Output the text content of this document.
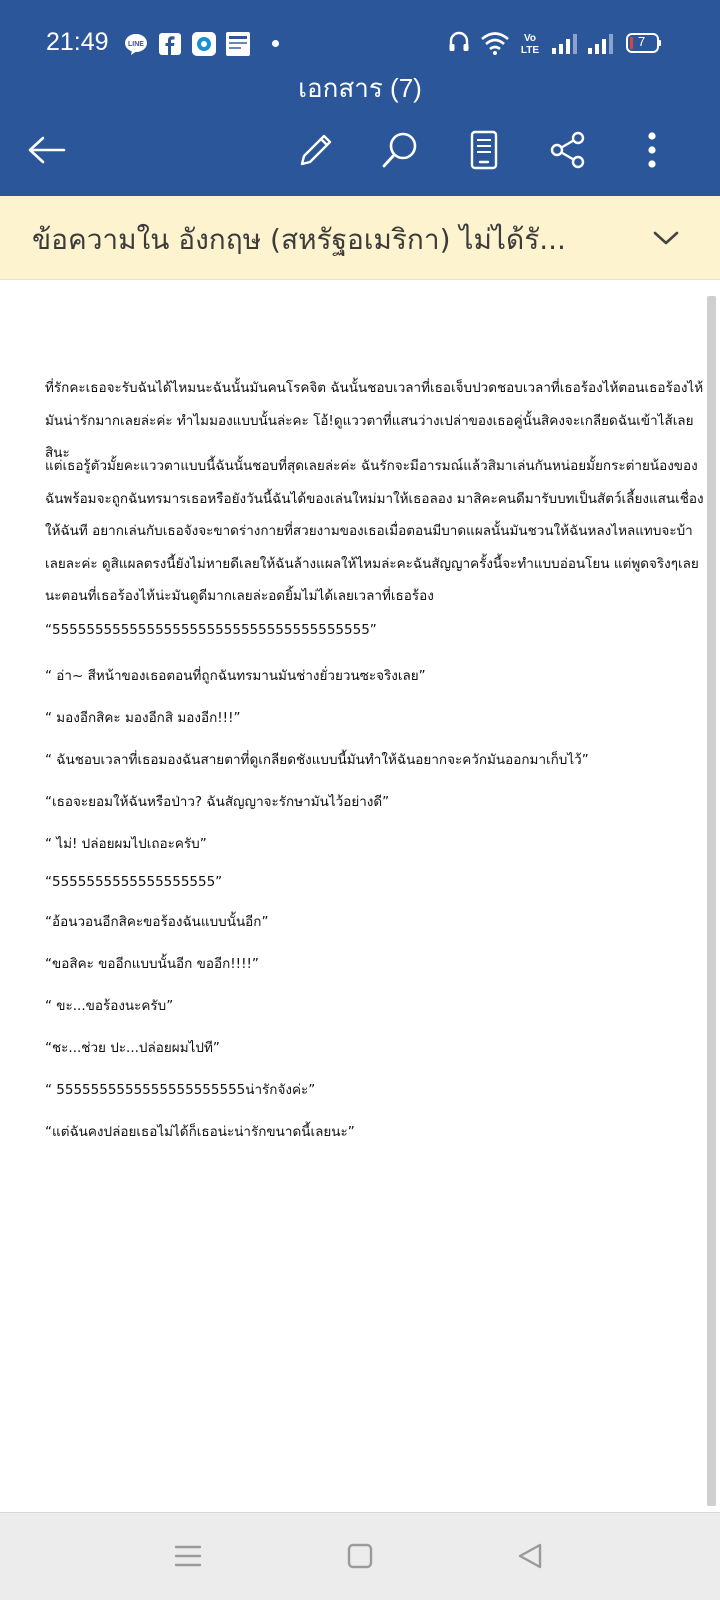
21:49	LINE
Vo
LTE
7
เอกสาร (7)
ข้อความใน อังกฤษ (สหรัฐอเมริกา) ไม่ได้รั...
ที่รักคะเธอจะรับฉันได้ไหมนะฉันนั้นมันคนโรคจิต ฉันนั้นชอบเวลาที่เธอเจ็บปวดชอบเวลาที่เธอร้องไห้ตอนเธอร้องไห้มันน่ารักมากเลยล่ะค่ะ ทำไมมองแบบนั้นล่ะคะ โอ้!ดูแววตาที่แสนว่างเปล่าของเธอคู่นั้นสิคงจะเกลียดฉันเข้าไส้เลยสินะ
แต่เธอรู้ตัวมั้ยคะแววตาแบบนี้ฉันนั้นชอบที่สุดเลยล่ะค่ะ ฉันรักจะมีอารมณ์แล้วสิมาเล่นกันหน่อยมั้ยกระต่ายน้องของฉันพร้อมจะถูกฉันทรมารเธอหรือยังวันนี้ฉันได้ของเล่นใหม่มาให้เธอลอง มาสิคะคนดีมารับบทเป็นสัตว์เลี้ยงแสนเชื่องให้ฉันที อยากเล่นกับเธอจังจะขาดร่างกายที่สวยงามของเธอเมื่อตอนมีบาดแผลนั้นมันชวนให้ฉันหลงไหลแทบจะบ้าเลยละค่ะ ดูสิแผลตรงนี้ยังไม่หายดีเลยให้ฉันล้างแผลให้ไหมล่ะคะฉันสัญญาครั้งนี้จะทำแบบอ่อนโยน แต่พูดจริงๆเลยนะตอนที่เธอร้องไห้น่ะมันดูดีมากเลยล่ะอดยิ้มไม่ได้เลยเวลาที่เธอร้อง
“5555555555555555555555555555555555555”
“ อ่า~ สีหน้าของเธอตอนที่ถูกฉันทรมานมันช่างยั่วยวนซะจริงเลย”
“ มองอีกสิคะ มองอีกสิ มองอีก!!!”
“ ฉันชอบเวลาที่เธอมองฉันสายตาที่ดูเกลียดชังแบบนี้มันทำให้ฉันอยากจะควักมันออกมาเก็บไว้”
“เธอจะยอมให้ฉันหรือป่าว? ฉันสัญญาจะรักษามันไว้อย่างดี”
“ ไม่! ปล่อยผมไปเถอะครับ”
“5555555555555555555”
“อ้อนวอนอีกสิคะขอร้องฉันแบบนั้นอีก”
“ขอสิคะ ขออีกแบบนั้นอีก ขออีก!!!!”
“ ขะ...ขอร้องนะครับ”
“ชะ...ช่วย ปะ...ปล่อยผมไปที”
“ 5555555555555555555555น่ารักจังค่ะ”
“แต่ฉันคงปล่อยเธอไม่ได้ก็เธอน่ะน่ารักขนาดนี้เลยนะ”
